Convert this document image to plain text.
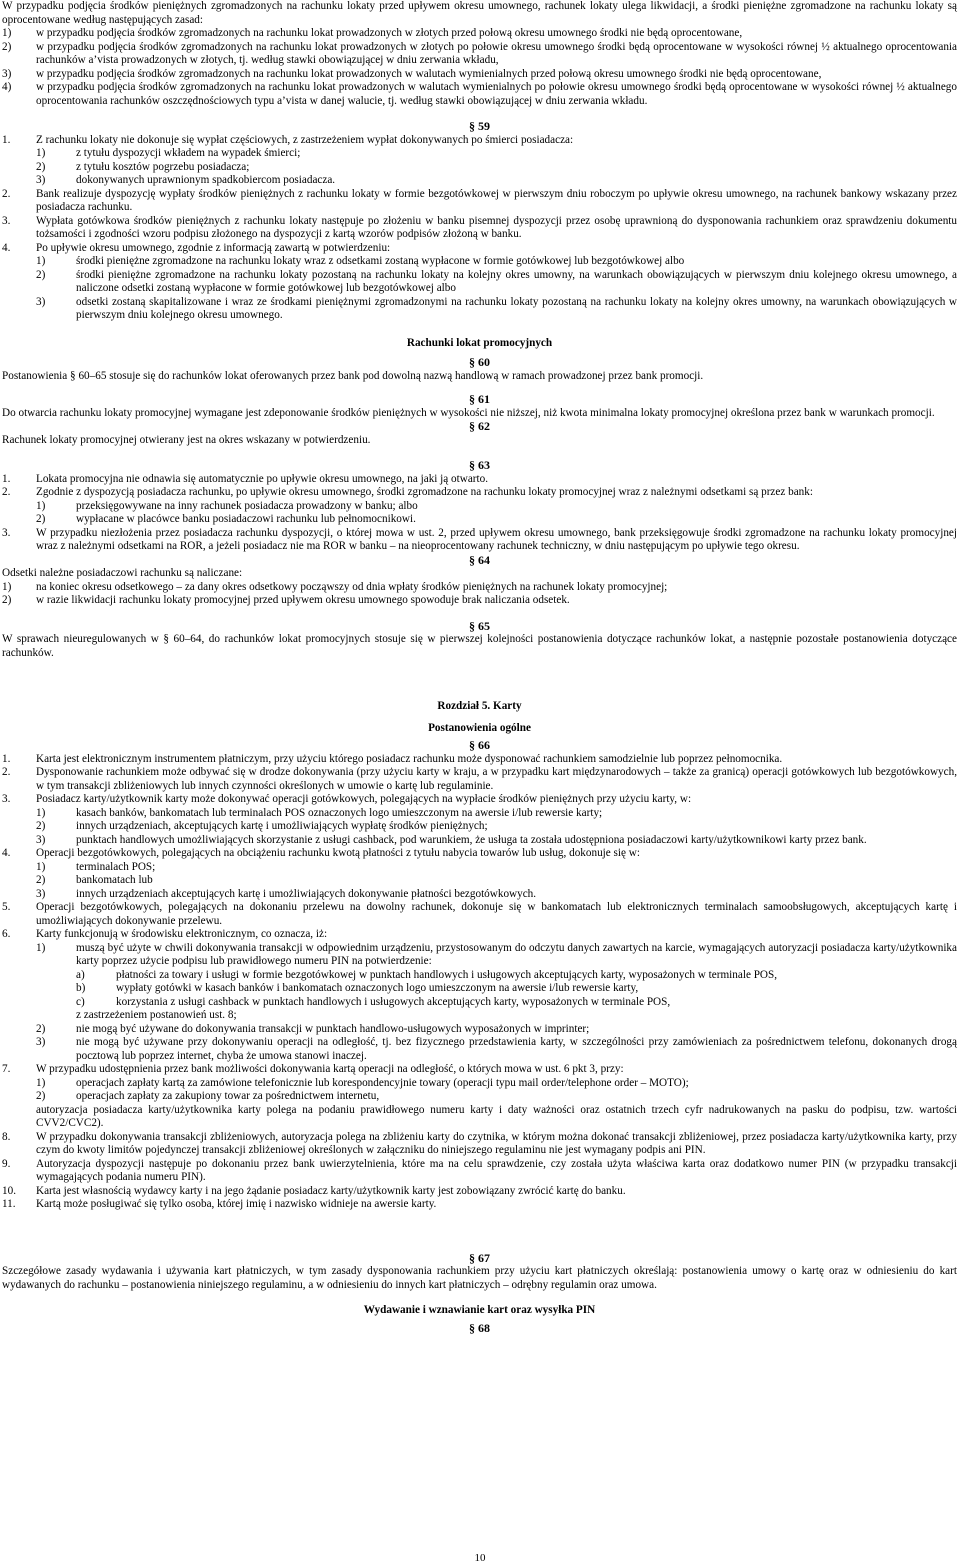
W przypadku podjęcia środków pieniężnych zgromadzonych na rachunku lokaty przed upływem okresu umownego, rachunek lokaty ulega likwidacji, a środki pieniężne zgromadzone na rachunku lokaty są oprocentowane według następujących zasad:

1)	w przypadku podjęcia środków zgromadzonych na rachunku lokat prowadzonych w złotych przed połową okresu umownego środki nie będą oprocentowane,
2)	w przypadku podjęcia środków zgromadzonych na rachunku lokat prowadzonych w złotych po połowie okresu umownego środki będą oprocentowane w wysokości równej ½ aktualnego oprocentowania rachunków a’vista prowadzonych w złotych, tj. według stawki obowiązującej w dniu zerwania wkładu,
3)	w przypadku podjęcia środków zgromadzonych na rachunku lokat prowadzonych w walutach wymienialnych przed połową okresu umownego środki nie będą oprocentowane,
4)	w przypadku podjęcia środków zgromadzonych na rachunku lokat prowadzonych w walutach wymienialnych po połowie okresu umownego środki będą oprocentowane w wysokości równej ½ aktualnego oprocentowania rachunków oszczędnościowych typu a’vista w danej walucie, tj. według stawki obowiązującej w dniu zerwania wkładu.

§ 59

1.	Z rachunku lokaty nie dokonuje się wypłat częściowych, z zastrzeżeniem wypłat dokonywanych po śmierci posiadacza:
1)	z tytułu dyspozycji wkładem na wypadek śmierci;
2)	z tytułu kosztów pogrzebu posiadacza;
3)	dokonywanych uprawnionym spadkobiercom posiadacza.
2.	Bank realizuje dyspozycję wypłaty środków pieniężnych z rachunku lokaty w formie bezgotówkowej w pierwszym dniu roboczym po upływie okresu umownego, na rachunek bankowy wskazany przez posiadacza rachunku.
3.	Wypłata gotówkowa środków pieniężnych z rachunku lokaty następuje po złożeniu w banku pisemnej dyspozycji przez osobę uprawnioną do dysponowania rachunkiem oraz sprawdzeniu dokumentu tożsamości i zgodności wzoru podpisu złożonego na dyspozycji z kartą wzorów podpisów złożoną w banku.
4.	Po upływie okresu umownego, zgodnie z informacją zawartą w potwierdzeniu:
1)	środki pieniężne zgromadzone na rachunku lokaty wraz z odsetkami zostaną wypłacone w formie gotówkowej lub bezgotówkowej albo
2)	środki pieniężne zgromadzone na rachunku lokaty pozostaną na rachunku lokaty na kolejny okres umowny, na warunkach obowiązujących w pierwszym dniu kolejnego okresu umownego, a naliczone odsetki zostaną wypłacone w formie gotówkowej lub bezgotówkowej albo
3)	odsetki zostaną skapitalizowane i wraz ze środkami pieniężnymi zgromadzonymi na rachunku lokaty pozostaną na rachunku lokaty na kolejny okres umowny, na warunkach obowiązujących w pierwszym dniu kolejnego okresu umownego.

Rachunki lokat promocyjnych

§ 60

Postanowienia § 60‒65 stosuje się do rachunków lokat oferowanych przez bank pod dowolną nazwą handlową w ramach prowadzonej przez bank promocji.

§ 61

Do otwarcia rachunku lokaty promocyjnej wymagane jest zdeponowanie środków pieniężnych w wysokości nie niższej, niż kwota minimalna lokaty promocyjnej określona przez bank w warunkach promocji.

§ 62

Rachunek lokaty promocyjnej otwierany jest na okres wskazany w potwierdzeniu.

§ 63

1.	Lokata promocyjna nie odnawia się automatycznie po upływie okresu umownego, na jaki ją otwarto.
2.	Zgodnie z dyspozycją posiadacza rachunku, po upływie okresu umownego, środki zgromadzone na rachunku lokaty promocyjnej wraz z należnymi odsetkami są przez bank:
1)	przeksięgowywane na inny rachunek posiadacza prowadzony w banku; albo
2)	wypłacane w placówce banku posiadaczowi rachunku lub pełnomocnikowi.
3.	W przypadku niezłożenia przez posiadacza rachunku dyspozycji, o której mowa w ust. 2, przed upływem okresu umownego, bank przeksięgowuje środki zgromadzone na rachunku lokaty promocyjnej wraz z należnymi odsetkami na ROR, a jeżeli posiadacz nie ma ROR w banku ‒ na nieoprocentowany rachunek techniczny, w dniu następującym po upływie tego okresu.

§ 64

Odsetki należne posiadaczowi rachunku są naliczane:

1)	na koniec okresu odsetkowego ‒ za dany okres odsetkowy począwszy od dnia wpłaty środków pieniężnych na rachunek lokaty promocyjnej;
2)	w razie likwidacji rachunku lokaty promocyjnej przed upływem okresu umownego spowoduje brak naliczania odsetek.

§ 65

W sprawach nieuregulowanych w § 60‒64, do rachunków lokat promocyjnych stosuje się w pierwszej kolejności postanowienia dotyczące rachunków lokat, a następnie pozostałe postanowienia dotyczące rachunków.

Rozdział 5. Karty

Postanowienia ogólne

§ 66

1.	Karta jest elektronicznym instrumentem płatniczym, przy użyciu którego posiadacz rachunku może dysponować rachunkiem samodzielnie lub poprzez pełnomocnika.
2.	Dysponowanie rachunkiem może odbywać się w drodze dokonywania (przy użyciu karty w kraju, a w przypadku kart międzynarodowych – także za granicą) operacji gotówkowych lub bezgotówkowych, w tym transakcji zbliżeniowych lub innych czynności określonych w umowie o kartę lub regulaminie.
3.	Posiadacz karty/użytkownik karty może dokonywać operacji gotówkowych, polegających na wypłacie środków pieniężnych przy użyciu karty, w:
1)	kasach banków, bankomatach lub terminalach POS oznaczonych logo umieszczonym na awersie i/lub rewersie karty;
2)	innych urządzeniach, akceptujących kartę i umożliwiających wypłatę środków pieniężnych;
3)	punktach handlowych umożliwiających skorzystanie z usługi cashback, pod warunkiem, że usługa ta została udostępniona posiadaczowi karty/użytkownikowi karty przez bank.
4.	Operacji bezgotówkowych, polegających na obciążeniu rachunku kwotą płatności z tytułu nabycia towarów lub usług, dokonuje się w:
1)	terminalach POS;
2)	bankomatach lub
3)	innych urządzeniach akceptujących kartę i umożliwiających dokonywanie płatności bezgotówkowych.
5.	Operacji bezgotówkowych, polegających na dokonaniu przelewu na dowolny rachunek, dokonuje się w bankomatach lub elektronicznych terminalach samoobsługowych, akceptujących kartę i umożliwiających dokonywanie przelewu.
6.	Karty funkcjonują w środowisku elektronicznym, co oznacza, iż:
1)	muszą być użyte w chwili dokonywania transakcji w odpowiednim urządzeniu, przystosowanym do odczytu danych zawartych na karcie, wymagających autoryzacji posiadacza karty/użytkownika karty poprzez użycie podpisu lub prawidłowego numeru PIN na potwierdzenie:
a)	płatności za towary i usługi w formie bezgotówkowej w punktach handlowych i usługowych akceptujących karty, wyposażonych w terminale POS,
b)	wypłaty gotówki w kasach banków i bankomatach oznaczonych logo umieszczonym na awersie i/lub rewersie karty,
c)	korzystania z usługi cashback w punktach handlowych i usługowych akceptujących karty, wyposażonych w terminale POS,

z zastrzeżeniem postanowień ust. 8;

2)	nie mogą być używane do dokonywania transakcji w punktach handlowo-usługowych wyposażonych w imprinter;
3)	nie mogą być używane przy dokonywaniu operacji na odległość, tj. bez fizycznego przedstawienia karty, w szczególności przy zamówieniach za pośrednictwem telefonu, dokonanych drogą pocztową lub poprzez internet, chyba że umowa stanowi inaczej.
7.	W przypadku udostępnienia przez bank możliwości dokonywania kartą operacji na odległość, o których mowa w ust. 6 pkt 3, przy:
1)	operacjach zapłaty kartą za zamówione telefonicznie lub korespondencyjnie towary (operacji typu mail order/telephone order – MOTO);
2)	operacjach zapłaty za zakupiony towar za pośrednictwem internetu,

autoryzacja posiadacza karty/użytkownika karty polega na podaniu prawidłowego numeru karty i daty ważności oraz ostatnich trzech cyfr nadrukowanych na pasku do podpisu, tzw. wartości CVV2/CVC2).

8.	W przypadku dokonywania transakcji zbliżeniowych, autoryzacja polega na zbliżeniu karty do czytnika, w którym można dokonać transakcji zbliżeniowej, przez posiadacza karty/użytkownika karty, przy czym do kwoty limitów pojedynczej transakcji zbliżeniowej określonych w załączniku do niniejszego regulaminu nie jest wymagany podpis ani PIN.
9.	Autoryzacja dyspozycji następuje po dokonaniu przez bank uwierzytelnienia, które ma na celu sprawdzenie, czy została użyta właściwa karta oraz dodatkowo numer PIN (w przypadku transakcji wymagających podania numeru PIN).
10.	Karta jest własnością wydawcy karty i na jego żądanie posiadacz karty/użytkownik karty jest zobowiązany zwrócić kartę do banku.
11.	Kartą może posługiwać się tylko osoba, której imię i nazwisko widnieje na awersie karty.

§ 67

Szczegółowe zasady wydawania i używania kart płatniczych, w tym zasady dysponowania rachunkiem przy użyciu kart płatniczych określają: postanowienia umowy o kartę oraz w odniesieniu do kart wydawanych do rachunku ‒ postanowienia niniejszego regulaminu, a w odniesieniu do innych kart płatniczych ‒ odrębny regulamin oraz umowa.

Wydawanie i wznawianie kart oraz wysyłka PIN

§ 68

10
